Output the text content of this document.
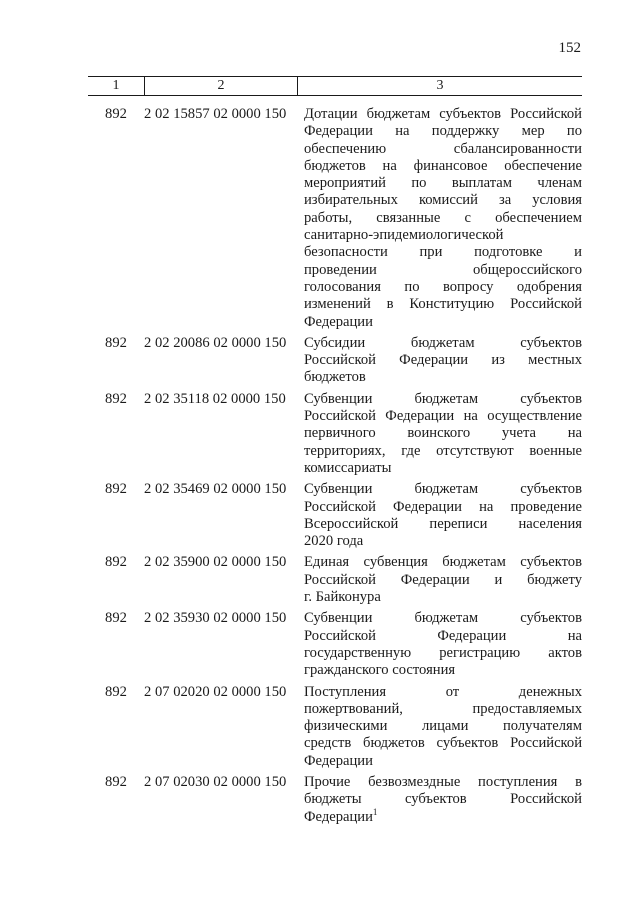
152
1	2	3
892	2 02 15857 02 0000 150	Дотации бюджетам субъектов Российской
Федерации на поддержку мер по
обеспечению сбалансированности
бюджетов на финансовое обеспечение
мероприятий по выплатам членам
избирательных комиссий за условия
работы, связанные с обеспечением
санитарно-эпидемиологической
безопасности при подготовке и
проведении общероссийского
голосования по вопросу одобрения
изменений в Конституцию Российской
Федерации
892	2 02 20086 02 0000 150	Субсидии бюджетам субъектов
Российской Федерации из местных
бюджетов
892	2 02 35118 02 0000 150	Субвенции бюджетам субъектов
Российской Федерации на осуществление
первичного воинского учета на
территориях, где отсутствуют военные
комиссариаты
892	2 02 35469 02 0000 150	Субвенции бюджетам субъектов
Российской Федерации на проведение
Всероссийской переписи населения
2020 года
892	2 02 35900 02 0000 150	Единая субвенция бюджетам субъектов
Российской Федерации и бюджету
г. Байконура
892	2 02 35930 02 0000 150	Субвенции бюджетам субъектов
Российской Федерации на
государственную регистрацию актов
гражданского состояния
892	2 07 02020 02 0000 150	Поступления от денежных
пожертвований, предоставляемых
физическими лицами получателям
средств бюджетов субъектов Российской
Федерации
892	2 07 02030 02 0000 150	Прочие безвозмездные поступления в
бюджеты субъектов Российской
Федерации$^1$
